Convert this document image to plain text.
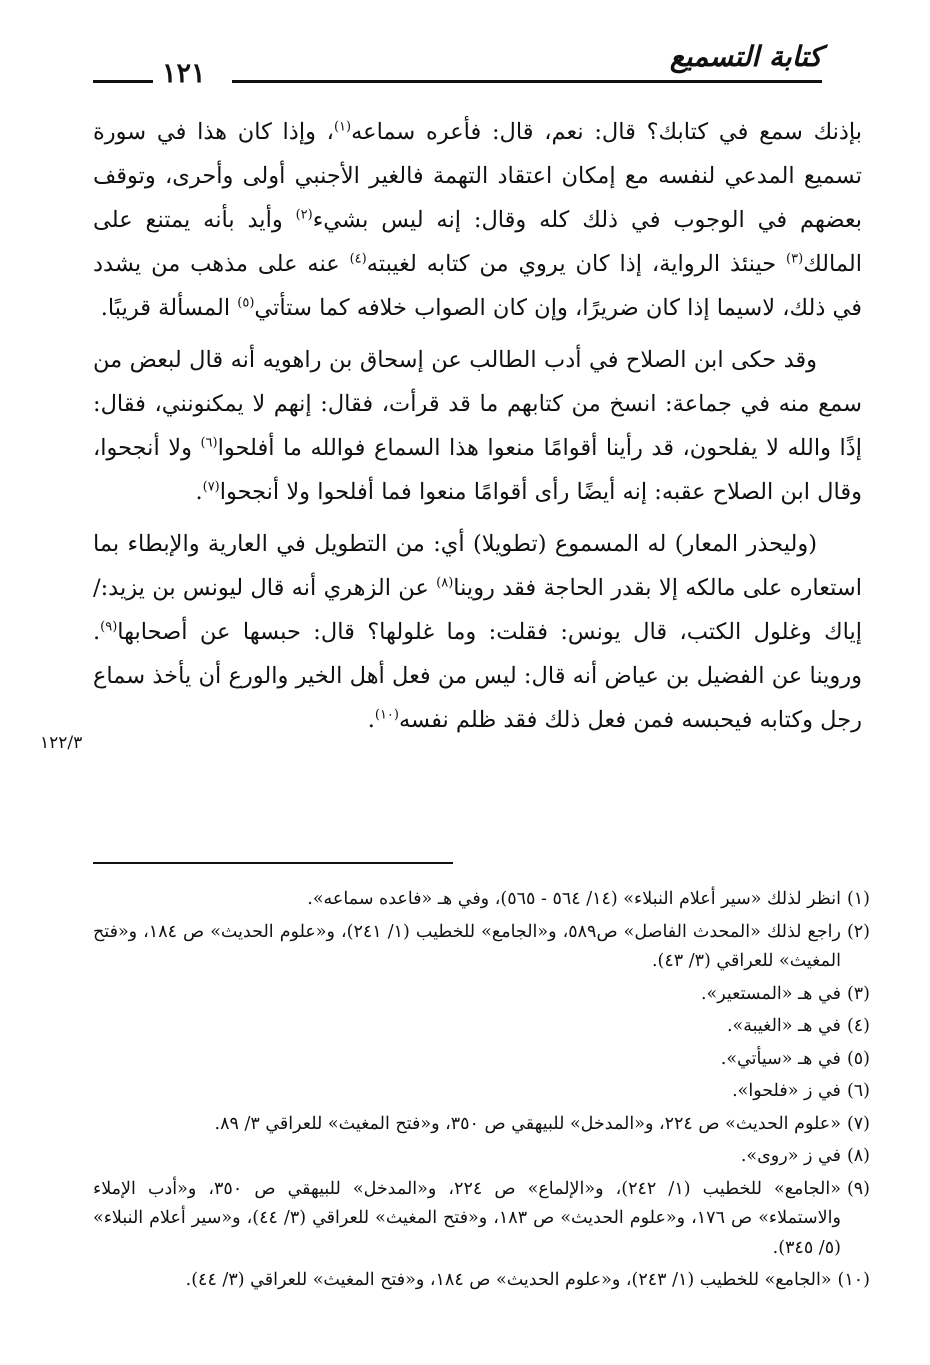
كتابة التسميع
١٢١

بإذنك سمع في كتابك؟ قال: نعم، قال: فأعره سماعه$^{(١)}$، وإذا كان هذا في سورة تسميع المدعي لنفسه مع إمكان اعتقاد التهمة فالغير الأجنبي أولى وأحرى، وتوقف بعضهم في الوجوب في ذلك كله وقال: إنه ليس بشيء$^{(٢)}$ وأيد بأنه يمتنع على المالك$^{(٣)}$ حينئذ الرواية، إذا كان يروي من كتابه لغيبته$^{(٤)}$ عنه على مذهب من يشدد في ذلك، لاسيما إذا كان ضريرًا، وإن كان الصواب خلافه كما ستأتي$^{(٥)}$ المسألة قريبًا.

وقد حكى ابن الصلاح في أدب الطالب عن إسحاق بن راهويه أنه قال لبعض من سمع منه في جماعة: انسخ من كتابهم ما قد قرأت، فقال: إنهم لا يمكنونني، فقال: إذًا والله لا يفلحون، قد رأينا أقوامًا منعوا هذا السماع فوالله ما أفلحوا$^{(٦)}$ ولا أنجحوا، وقال ابن الصلاح عقبه: إنه أيضًا رأى أقوامًا منعوا فما أفلحوا ولا أنجحوا$^{(٧)}$.

(وليحذر المعار) له المسموع (تطويلا) أي: من التطويل في العارية والإبطاء بما استعاره على مالكه إلا بقدر الحاجة فقد روينا$^{(٨)}$ عن الزهري أنه قال ليونس بن يزيد:/ إياك وغلول الكتب، قال يونس: فقلت: وما غلولها؟ قال: حبسها عن أصحابها$^{(٩)}$. وروينا عن الفضيل بن عياض أنه قال: ليس من فعل أهل الخير والورع أن يأخذ سماع رجل وكتابه فيحبسه فمن فعل ذلك فقد ظلم نفسه$^{(١٠)}$.

١٢٢/٣
(١)
انظر لذلك «سير أعلام النبلاء» (١٤/ ٥٦٤ - ٥٦٥)، وفي هـ «فاعده سماعه».
(٢)
راجع لذلك «المحدث الفاصل» ص٥٨٩، و«الجامع» للخطيب (١/ ٢٤١)، و«علوم الحديث» ص ١٨٤، و«فتح المغيث» للعراقي (٣/ ٤٣).
(٣)
في هـ «المستعير».
(٤)
في هـ «الغيبة».
(٥)
في هـ «سيأتي».
(٦)
في ز «فلحوا».
(٧)
«علوم الحديث» ص ٢٢٤، و«المدخل» للبيهقي ص ٣٥٠، و«فتح المغيث» للعراقي ٣/ ٨٩.
(٨)
في ز «روى».
(٩)
«الجامع» للخطيب (١/ ٢٤٢)، و«الإلماع» ص ٢٢٤، و«المدخل» للبيهقي ص ٣٥٠، و«أدب الإملاء والاستملاء» ص ١٧٦، و«علوم الحديث» ص ١٨٣، و«فتح المغيث» للعراقي (٣/ ٤٤)، و«سير أعلام النبلاء» (٥/ ٣٤٥).
(١٠)
«الجامع» للخطيب (١/ ٢٤٣)، و«علوم الحديث» ص ١٨٤، و«فتح المغيث» للعراقي (٣/ ٤٤).
